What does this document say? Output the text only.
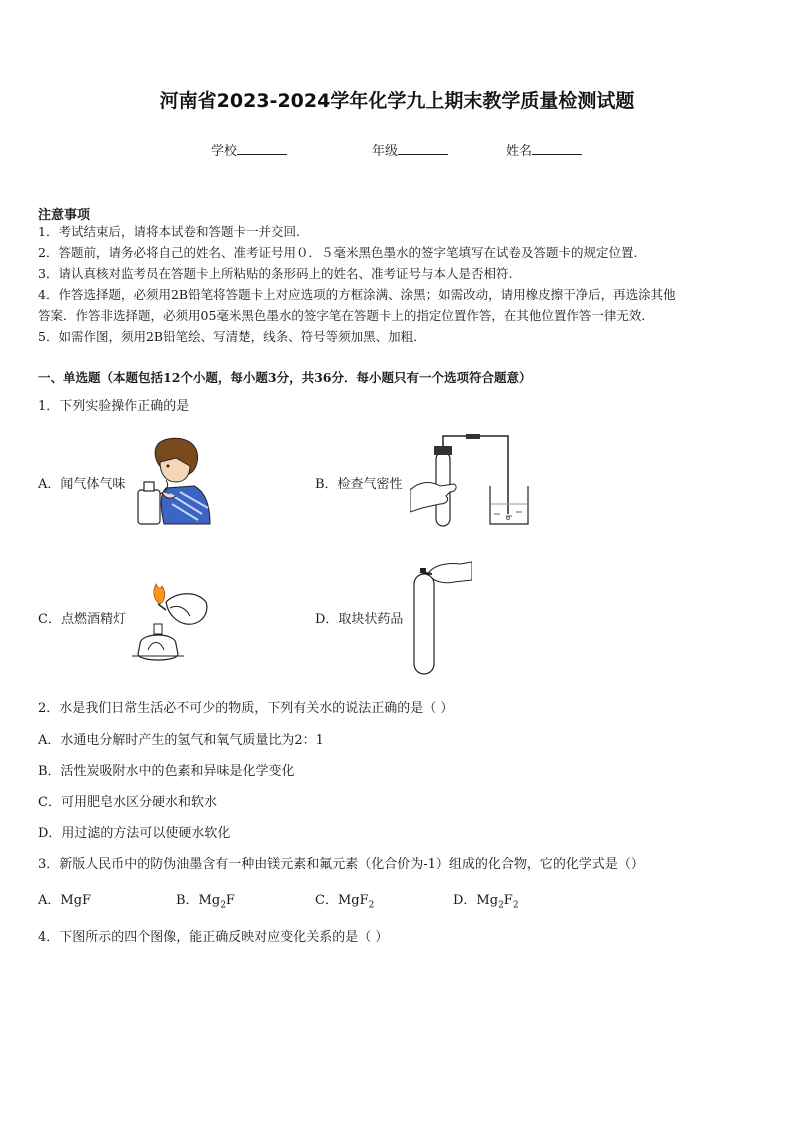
河南省2023-2024学年化学九上期末教学质量检测试题
学校	年级	姓名
注意事项
1．考试结束后，请将本试卷和答题卡一并交回.
2．答题前，请务必将自己的姓名、准考证号用０．５毫米黑色墨水的签字笔填写在试卷及答题卡的规定位置.
3．请认真核对监考员在答题卡上所粘贴的条形码上的姓名、准考证号与本人是否相符.
4．作答选择题，必须用2B铅笔将答题卡上对应选项的方框涂满、涂黑；如需改动，请用橡皮擦干净后，再选涂其他
答案．作答非选择题，必须用05毫米黑色墨水的签字笔在答题卡上的指定位置作答，在其他位置作答一律无效．
5．如需作图，须用2B铅笔绘、写清楚，线条、符号等须加黑、加粗．
一、单选题（本题包括12个小题，每小题3分，共36分．每小题只有一个选项符合题意）
1．下列实验操作正确的是
A．闻气体气味	B．检查气密性
C．点燃酒精灯	D．取块状药品
2．水是我们日常生活必不可少的物质，下列有关水的说法正确的是（ ）
A．水通电分解时产生的氢气和氧气质量比为2：1
B．活性炭吸附水中的色素和异味是化学变化
C．可用肥皂水区分硬水和软水
D．用过滤的方法可以使硬水软化
3．新版人民币中的防伪油墨含有一种由镁元素和氟元素（化合价为-1）组成的化合物，它的化学式是（）
A．MgF	B．$Mg_2F$	C．MgF$_2$	D．$Mg_2F_2$
4．下图所示的四个图像，能正确反映对应变化关系的是（ ）
